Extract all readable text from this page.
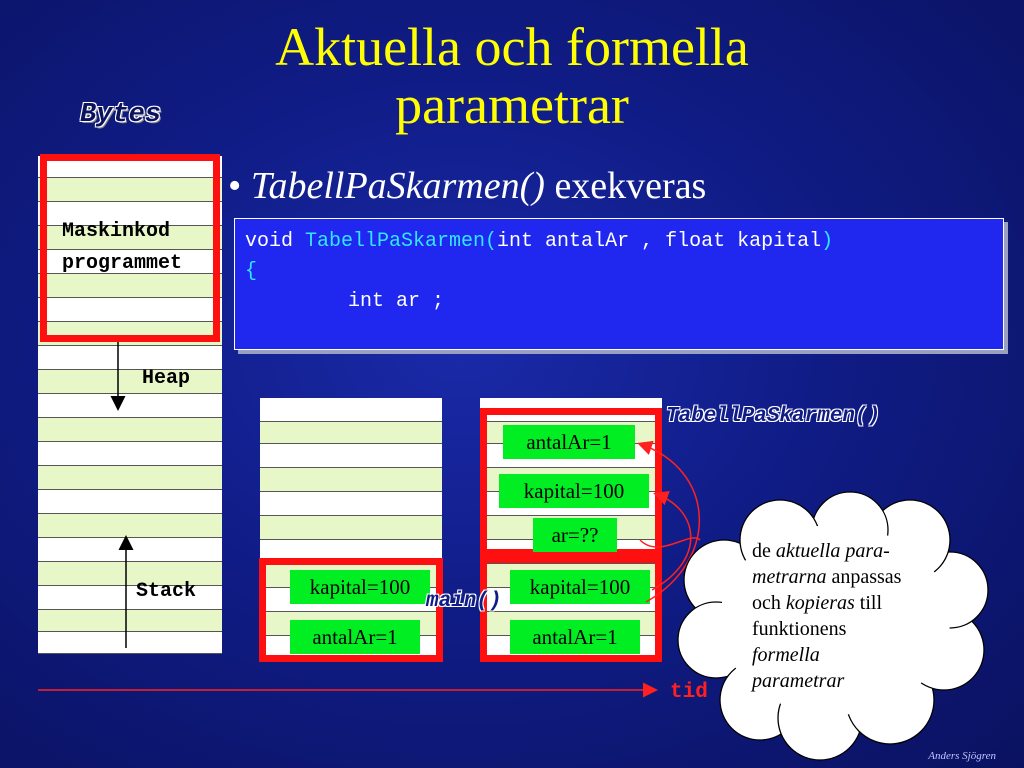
Aktuella och formella
parametrar
Bytes
• TabellPaSkarmen() exekveras
void TabellPaSkarmen(int antalAr , float kapital)
{
int ar ;
Maskinkod
programmet
Heap
Stack	kapital=100
antalAr=1
antalAr=1
kapital=100
ar=??
kapital=100
antalAr=1
main()
TabellPaSkarmen()
tid
de aktuella para-
metrarna anpassas
och kopieras till
funktionens
formella
parametrar
Anders Sjögren
